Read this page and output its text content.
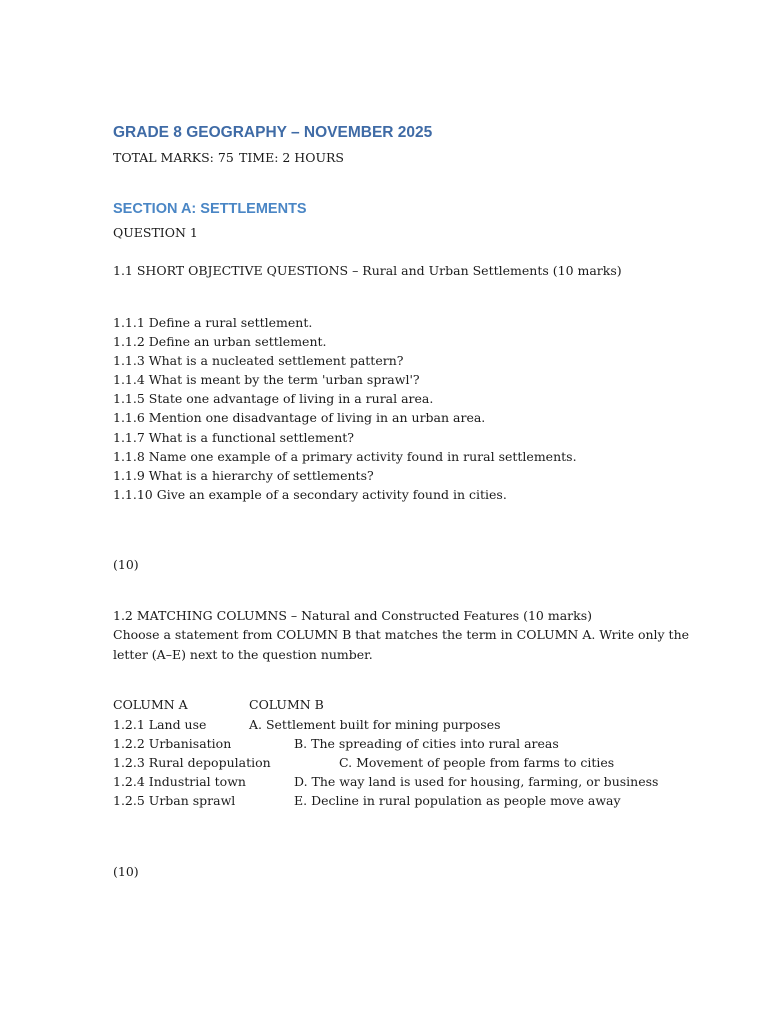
GRADE 8 GEOGRAPHY – NOVEMBER 2025
TOTAL MARKS: 75 TIME: 2 HOURS
SECTION A: SETTLEMENTS
QUESTION 1
1.1 SHORT OBJECTIVE QUESTIONS – Rural and Urban Settlements (10 marks)
1.1.1 Define a rural settlement.
1.1.2 Define an urban settlement.
1.1.3 What is a nucleated settlement pattern?
1.1.4 What is meant by the term 'urban sprawl'?
1.1.5 State one advantage of living in a rural area.
1.1.6 Mention one disadvantage of living in an urban area.
1.1.7 What is a functional settlement?
1.1.8 Name one example of a primary activity found in rural settlements.
1.1.9 What is a hierarchy of settlements?
1.1.10 Give an example of a secondary activity found in cities.
(10)
1.2 MATCHING COLUMNS – Natural and Constructed Features (10 marks)
Choose a statement from COLUMN B that matches the term in COLUMN A. Write only the
letter (A–E) next to the question number.
COLUMN A	COLUMN B
1.2.1 Land use	A. Settlement built for mining purposes
1.2.2 Urbanisation	B. The spreading of cities into rural areas
1.2.3 Rural depopulation	C. Movement of people from farms to cities
1.2.4 Industrial town	D. The way land is used for housing, farming, or business
1.2.5 Urban sprawl	E. Decline in rural population as people move away
(10)
